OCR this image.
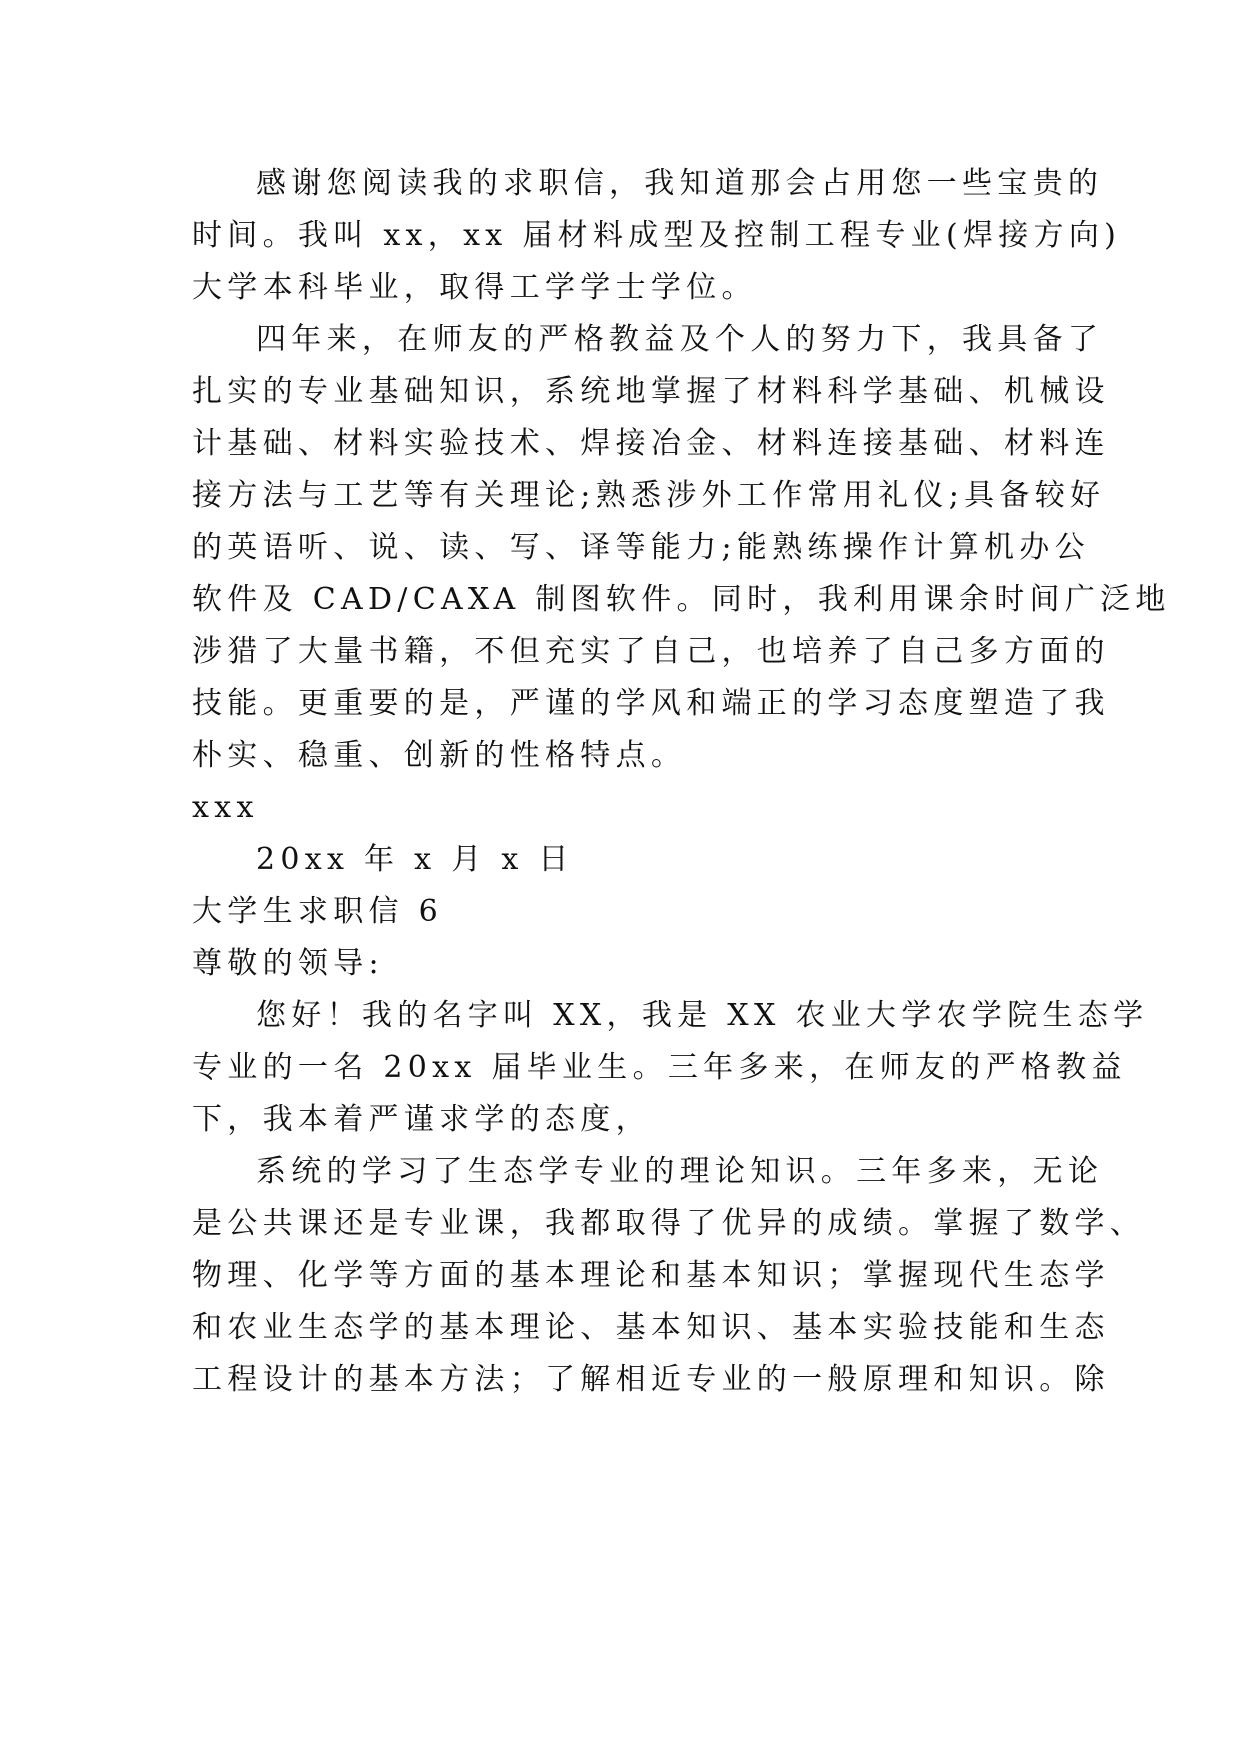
感谢您阅读我的求职信，我知道那会占用您一些宝贵的

时间。我叫 xx，xx 届材料成型及控制工程专业(焊接方向)

大学本科毕业，取得工学学士学位。

四年来，在师友的严格教益及个人的努力下，我具备了

扎实的专业基础知识，系统地掌握了材料科学基础、机械设

计基础、材料实验技术、焊接冶金、材料连接基础、材料连

接方法与工艺等有关理论;熟悉涉外工作常用礼仪;具备较好

的英语听、说、读、写、译等能力;能熟练操作计算机办公

软件及 CAD/CAXA 制图软件。同时，我利用课余时间广泛地

涉猎了大量书籍，不但充实了自己，也培养了自己多方面的

技能。更重要的是，严谨的学风和端正的学习态度塑造了我

朴实、稳重、创新的性格特点。

xxx

20xx 年 x 月 x 日

大学生求职信 6

尊敬的领导:

您好！我的名字叫 XX，我是 XX 农业大学农学院生态学

专业的一名 20xx 届毕业生。三年多来，在师友的严格教益

下，我本着严谨求学的态度，

系统的学习了生态学专业的理论知识。三年多来，无论

是公共课还是专业课，我都取得了优异的成绩。掌握了数学、

物理、化学等方面的基本理论和基本知识；掌握现代生态学

和农业生态学的基本理论、基本知识、基本实验技能和生态

工程设计的基本方法；了解相近专业的一般原理和知识。除
